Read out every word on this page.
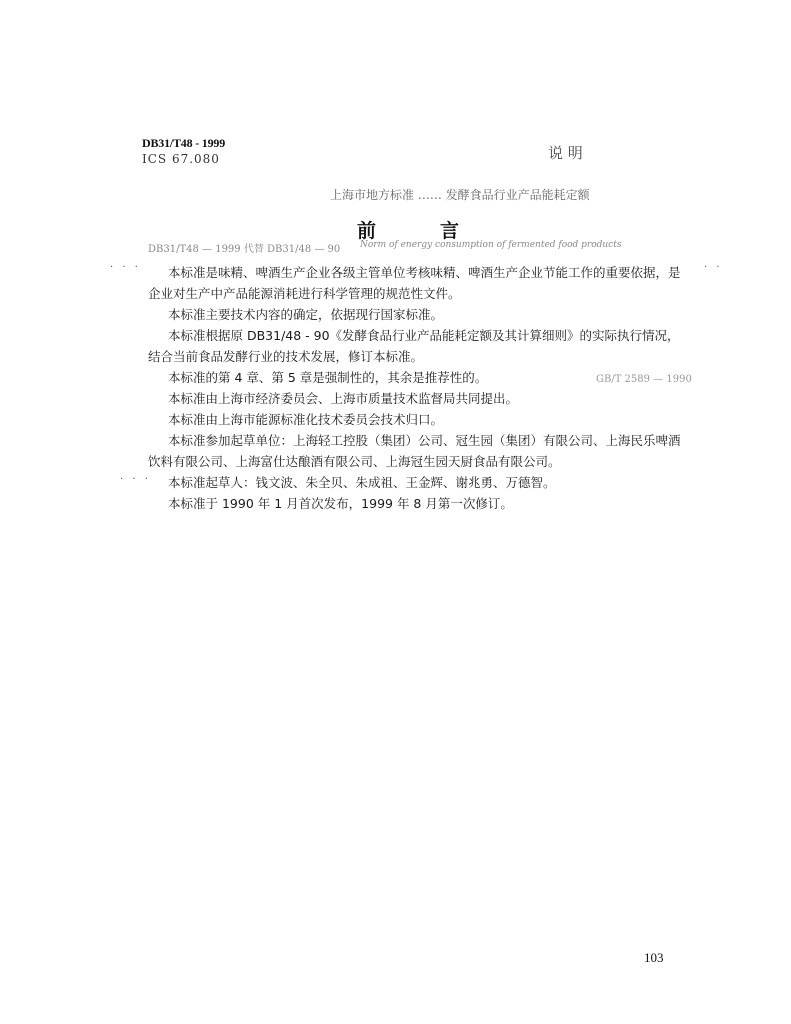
DB31/T48 - 1999
ICS 67.080	说 明
上海市地方标准 …… 发酵食品行业产品能耗定额
DB31/T48 — 1999 代替 DB31/48 — 90 Norm of energy consumption of fermented food products
前	言
· · ·	· ·
· · ·
本标准是味精、啤酒生产企业各级主管单位考核味精、啤酒生产企业节能工作的重要依据，是企业对生产中产品能源消耗进行科学管理的规范性文件。
本标准主要技术内容的确定，依据现行国家标准。
本标准根据原 DB31/48 - 90《发酵食品行业产品能耗定额及其计算细则》的实际执行情况，结合当前食品发酵行业的技术发展，修订本标准。
本标准的第 4 章、第 5 章是强制性的，其余是推荐性的。
本标准由上海市经济委员会、上海市质量技术监督局共同提出。
本标准由上海市能源标准化技术委员会技术归口。
本标准参加起草单位：上海轻工控股（集团）公司、冠生园（集团）有限公司、上海民乐啤酒饮料有限公司、上海富仕达酿酒有限公司、上海冠生园天厨食品有限公司。
本标准起草人：钱文波、朱全贝、朱成祖、王金辉、谢兆勇、万德智。
本标准于 1990 年 1 月首次发布，1999 年 8 月第一次修订。
GB/T 2589 — 1990
103
